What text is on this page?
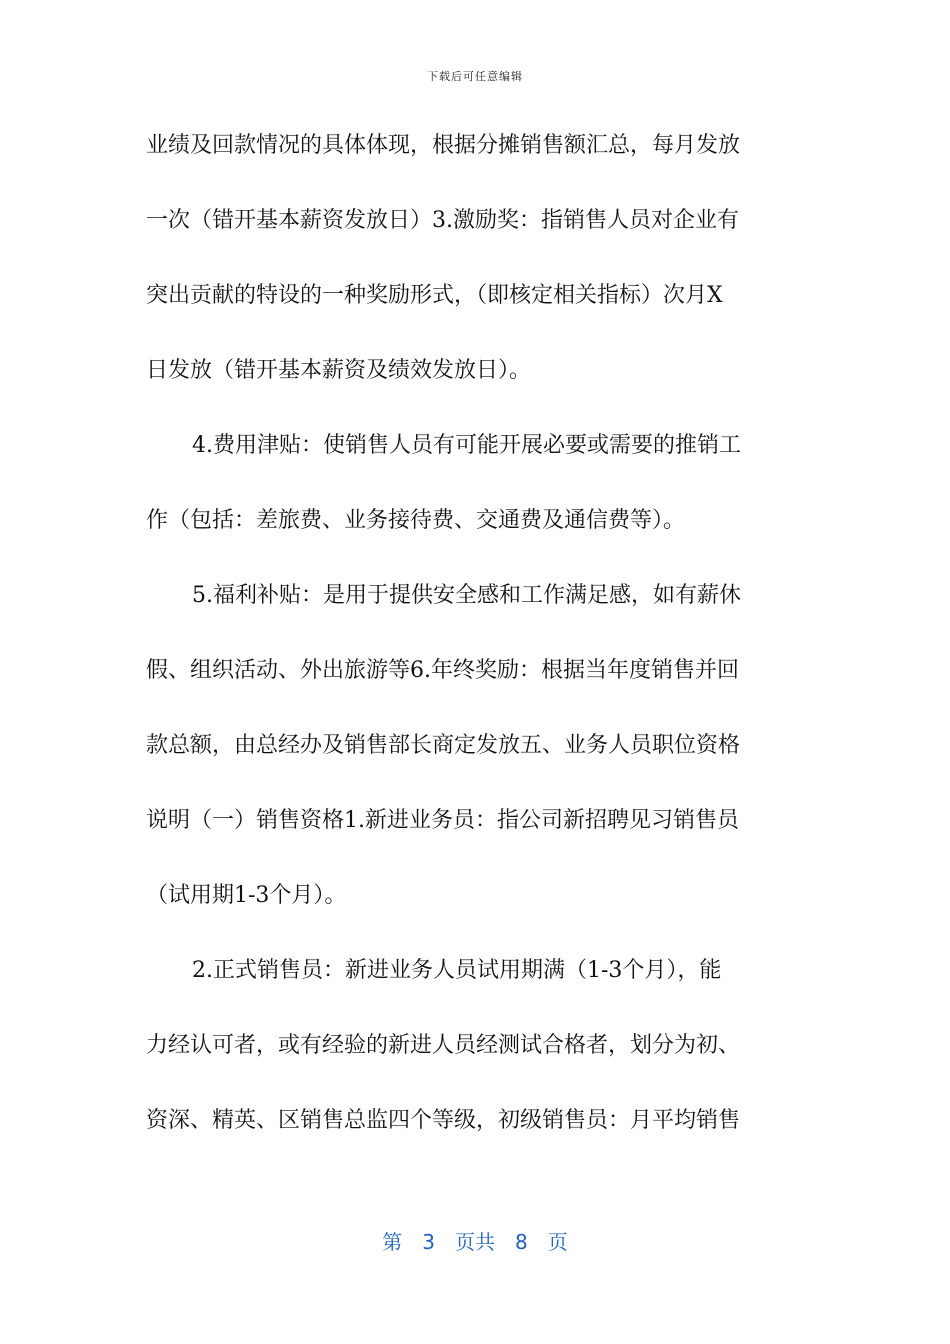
下载后可任意编辑
业绩及回款情况的具体体现，根据分摊销售额汇总，每月发放
一次（错开基本薪资发放日）3.激励奖：指销售人员对企业有
突出贡献的特设的一种奖励形式，（即核定相关指标）次月X
日发放（错开基本薪资及绩效发放日）。
4.费用津贴：使销售人员有可能开展必要或需要的推销工
作（包括：差旅费、业务接待费、交通费及通信费等）。
5.福利补贴：是用于提供安全感和工作满足感，如有薪休
假、组织活动、外出旅游等6.年终奖励：根据当年度销售并回
款总额，由总经办及销售部长商定发放五、业务人员职位资格
说明（一）销售资格1.新进业务员：指公司新招聘见习销售员
（试用期1-3个月）。
2.正式销售员：新进业务人员试用期满（1-3个月），能
力经认可者，或有经验的新进人员经测试合格者，划分为初、
资深、精英、区销售总监四个等级，初级销售员：月平均销售
第 3 页共 8 页
